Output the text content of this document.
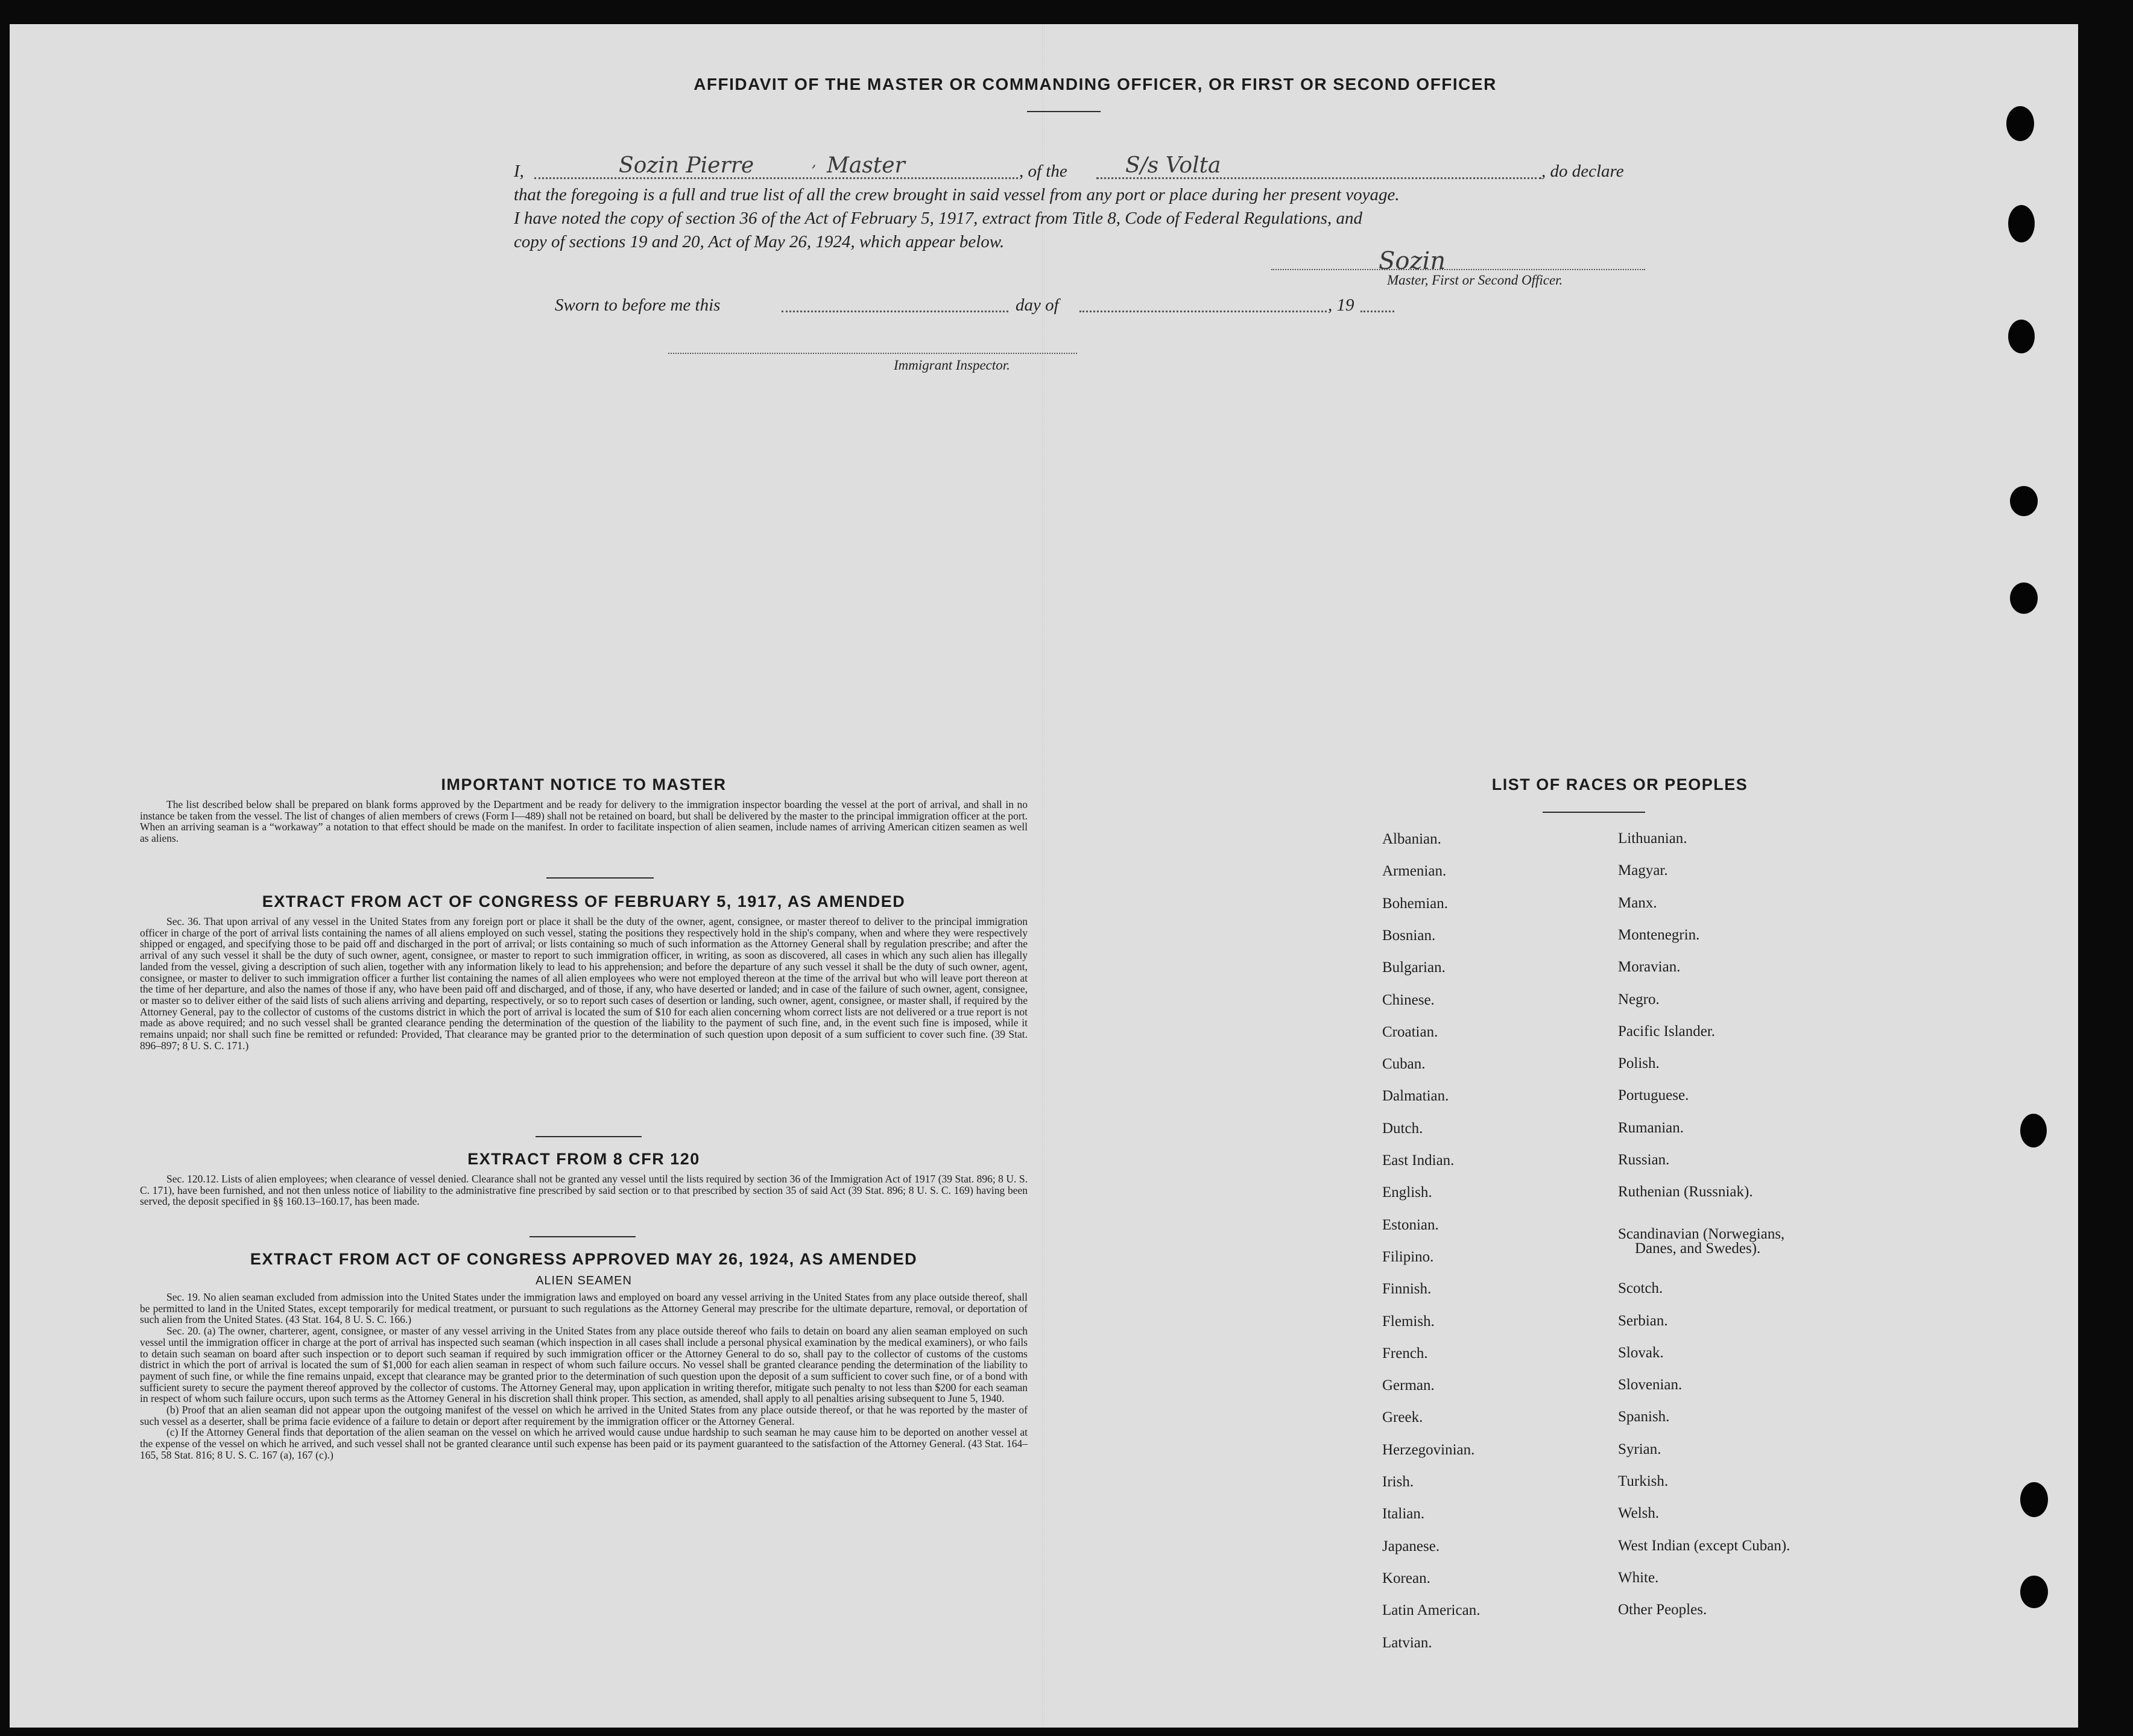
AFFIDAVIT OF THE MASTER OR COMMANDING OFFICER, OR FIRST OR SECOND OFFICER
I,	Sozin Pierre	, Master	, of the	S/s Volta	, do declare
that the foregoing is a full and true list of all the crew brought in said vessel from any port or place during her present voyage.
I have noted the copy of section 36 of the Act of February 5, 1917, extract from Title 8, Code of Federal Regulations, and
copy of sections 19 and 20, Act of May 26, 1924, which appear below.
Sozin
Master, First or Second Officer.
Sworn to before me this	day of	, 19
Immigrant Inspector.
IMPORTANT NOTICE TO MASTER

The list described below shall be prepared on blank forms approved by the Department and be ready for delivery to the immigration inspector boarding the vessel at the port of arrival, and shall in no instance be taken from the vessel. The list of changes of alien members of crews (Form I—489) shall not be retained on board, but shall be delivered by the master to the principal immigration officer at the port. When an arriving seaman is a “workaway” a notation to that effect should be made on the manifest. In order to facilitate inspection of alien seamen, include names of arriving American citizen seamen as well as aliens.

EXTRACT FROM ACT OF CONGRESS OF FEBRUARY 5, 1917, AS AMENDED

Sec. 36. That upon arrival of any vessel in the United States from any foreign port or place it shall be the duty of the owner, agent, consignee, or master thereof to deliver to the principal immigration officer in charge of the port of arrival lists containing the names of all aliens employed on such vessel, stating the positions they respectively hold in the ship's company, when and where they were respectively shipped or engaged, and specifying those to be paid off and discharged in the port of arrival; or lists containing so much of such information as the Attorney General shall by regulation prescribe; and after the arrival of any such vessel it shall be the duty of such owner, agent, consignee, or master to report to such immigration officer, in writing, as soon as discovered, all cases in which any such alien has illegally landed from the vessel, giving a description of such alien, together with any information likely to lead to his apprehension; and before the departure of any such vessel it shall be the duty of such owner, agent, consignee, or master to deliver to such immigration officer a further list containing the names of all alien employees who were not employed thereon at the time of the arrival but who will leave port thereon at the time of her departure, and also the names of those if any, who have been paid off and discharged, and of those, if any, who have deserted or landed; and in case of the failure of such owner, agent, consignee, or master so to deliver either of the said lists of such aliens arriving and departing, respectively, or so to report such cases of desertion or landing, such owner, agent, consignee, or master shall, if required by the Attorney General, pay to the collector of customs of the customs district in which the port of arrival is located the sum of $10 for each alien concerning whom correct lists are not delivered or a true report is not made as above required; and no such vessel shall be granted clearance pending the determination of the question of the liability to the payment of such fine, and, in the event such fine is imposed, while it remains unpaid; nor shall such fine be remitted or refunded: Provided, That clearance may be granted prior to the determination of such question upon deposit of a sum sufficient to cover such fine. (39 Stat. 896–897; 8 U. S. C. 171.)

EXTRACT FROM 8 CFR 120

Sec. 120.12. Lists of alien employees; when clearance of vessel denied. Clearance shall not be granted any vessel until the lists required by section 36 of the Immigration Act of 1917 (39 Stat. 896; 8 U. S. C. 171), have been furnished, and not then unless notice of liability to the administrative fine prescribed by said section or to that prescribed by section 35 of said Act (39 Stat. 896; 8 U. S. C. 169) having been served, the deposit specified in §§ 160.13–160.17, has been made.

EXTRACT FROM ACT OF CONGRESS APPROVED MAY 26, 1924, AS AMENDED
ALIEN SEAMEN

Sec. 19. No alien seaman excluded from admission into the United States under the immigration laws and employed on board any vessel arriving in the United States from any place outside thereof, shall be permitted to land in the United States, except temporarily for medical treatment, or pursuant to such regulations as the Attorney General may prescribe for the ultimate departure, removal, or deportation of such alien from the United States. (43 Stat. 164, 8 U. S. C. 166.)

Sec. 20. (a) The owner, charterer, agent, consignee, or master of any vessel arriving in the United States from any place outside thereof who fails to detain on board any alien seaman employed on such vessel until the immigration officer in charge at the port of arrival has inspected such seaman (which inspection in all cases shall include a personal physical examination by the medical examiners), or who fails to detain such seaman on board after such inspection or to deport such seaman if required by such immigration officer or the Attorney General to do so, shall pay to the collector of customs of the customs district in which the port of arrival is located the sum of $1,000 for each alien seaman in respect of whom such failure occurs. No vessel shall be granted clearance pending the determination of the liability to payment of such fine, or while the fine remains unpaid, except that clearance may be granted prior to the determination of such question upon the deposit of a sum sufficient to cover such fine, or of a bond with sufficient surety to secure the payment thereof approved by the collector of customs. The Attorney General may, upon application in writing therefor, mitigate such penalty to not less than $200 for each seaman in respect of whom such failure occurs, upon such terms as the Attorney General in his discretion shall think proper. This section, as amended, shall apply to all penalties arising subsequent to June 5, 1940.

(b) Proof that an alien seaman did not appear upon the outgoing manifest of the vessel on which he arrived in the United States from any place outside thereof, or that he was reported by the master of such vessel as a deserter, shall be prima facie evidence of a failure to detain or deport after requirement by the immigration officer or the Attorney General.

(c) If the Attorney General finds that deportation of the alien seaman on the vessel on which he arrived would cause undue hardship to such seaman he may cause him to be deported on another vessel at the expense of the vessel on which he arrived, and such vessel shall not be granted clearance until such expense has been paid or its payment guaranteed to the satisfaction of the Attorney General. (43 Stat. 164–165, 58 Stat. 816; 8 U. S. C. 167 (a), 167 (c).)

LIST OF RACES OR PEOPLES
Albanian.
Armenian.
Bohemian.
Bosnian.
Bulgarian.
Chinese.
Croatian.
Cuban.
Dalmatian.
Dutch.
East Indian.
English.
Estonian.
Filipino.
Finnish.
Flemish.
French.
German.
Greek.
Herzegovinian.
Irish.
Italian.
Japanese.
Korean.
Latin American.
Latvian.
Lithuanian.
Magyar.
Manx.
Montenegrin.
Moravian.
Negro.
Pacific Islander.
Polish.
Portuguese.
Rumanian.
Russian.
Ruthenian (Russniak).
Scandinavian (Norwegians,
Danes, and Swedes).
Scotch.
Serbian.
Slovak.
Slovenian.
Spanish.
Syrian.
Turkish.
Welsh.
West Indian (except Cuban).
White.
Other Peoples.
